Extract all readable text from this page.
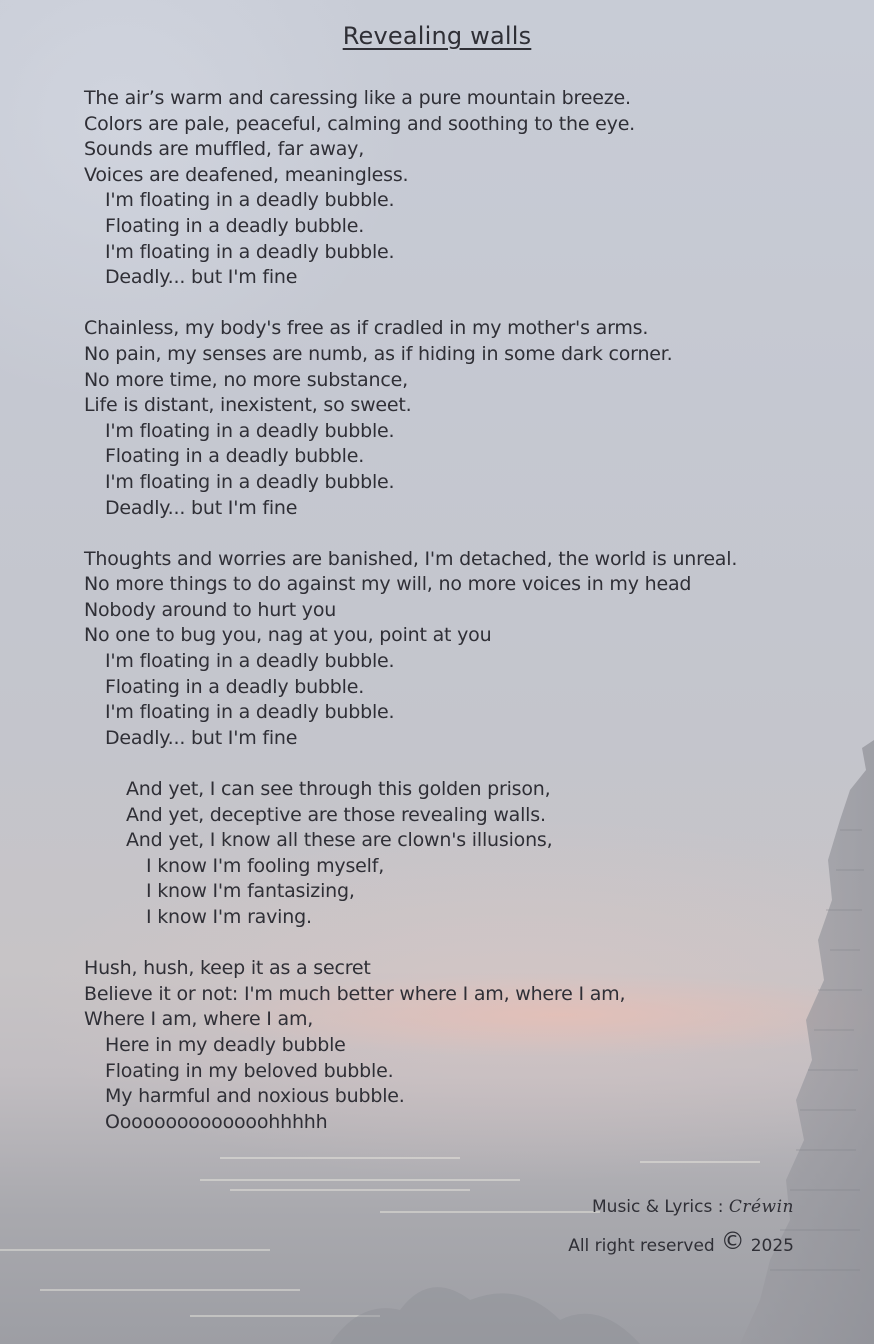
Revealing walls
The air’s warm and caressing like a pure mountain breeze.
Colors are pale, peaceful, calming and soothing to the eye.
Sounds are muffled, far away,
Voices are deafened, meaningless.
I'm floating in a deadly bubble.
Floating in a deadly bubble.
I'm floating in a deadly bubble.
Deadly... but I'm fine
Chainless, my body's free as if cradled in my mother's arms.
No pain, my senses are numb, as if hiding in some dark corner.
No more time, no more substance,
Life is distant, inexistent, so sweet.
I'm floating in a deadly bubble.
Floating in a deadly bubble.
I'm floating in a deadly bubble.
Deadly... but I'm fine
Thoughts and worries are banished, I'm detached, the world is unreal.
No more things to do against my will, no more voices in my head
Nobody around to hurt you
No one to bug you, nag at you, point at you
I'm floating in a deadly bubble.
Floating in a deadly bubble.
I'm floating in a deadly bubble.
Deadly... but I'm fine
And yet, I can see through this golden prison,
And yet, deceptive are those revealing walls.
And yet, I know all these are clown's illusions,
I know I'm fooling myself,
I know I'm fantasizing,
I know I'm raving.
Hush, hush, keep it as a secret
Believe it or not: I'm much better where I am, where I am,
Where I am, where I am,
Here in my deadly bubble
Floating in my beloved bubble.
My harmful and noxious bubble.
Oooooooooooooohhhhh
Music & Lyrics : Créwin
All right reserved © 2025
